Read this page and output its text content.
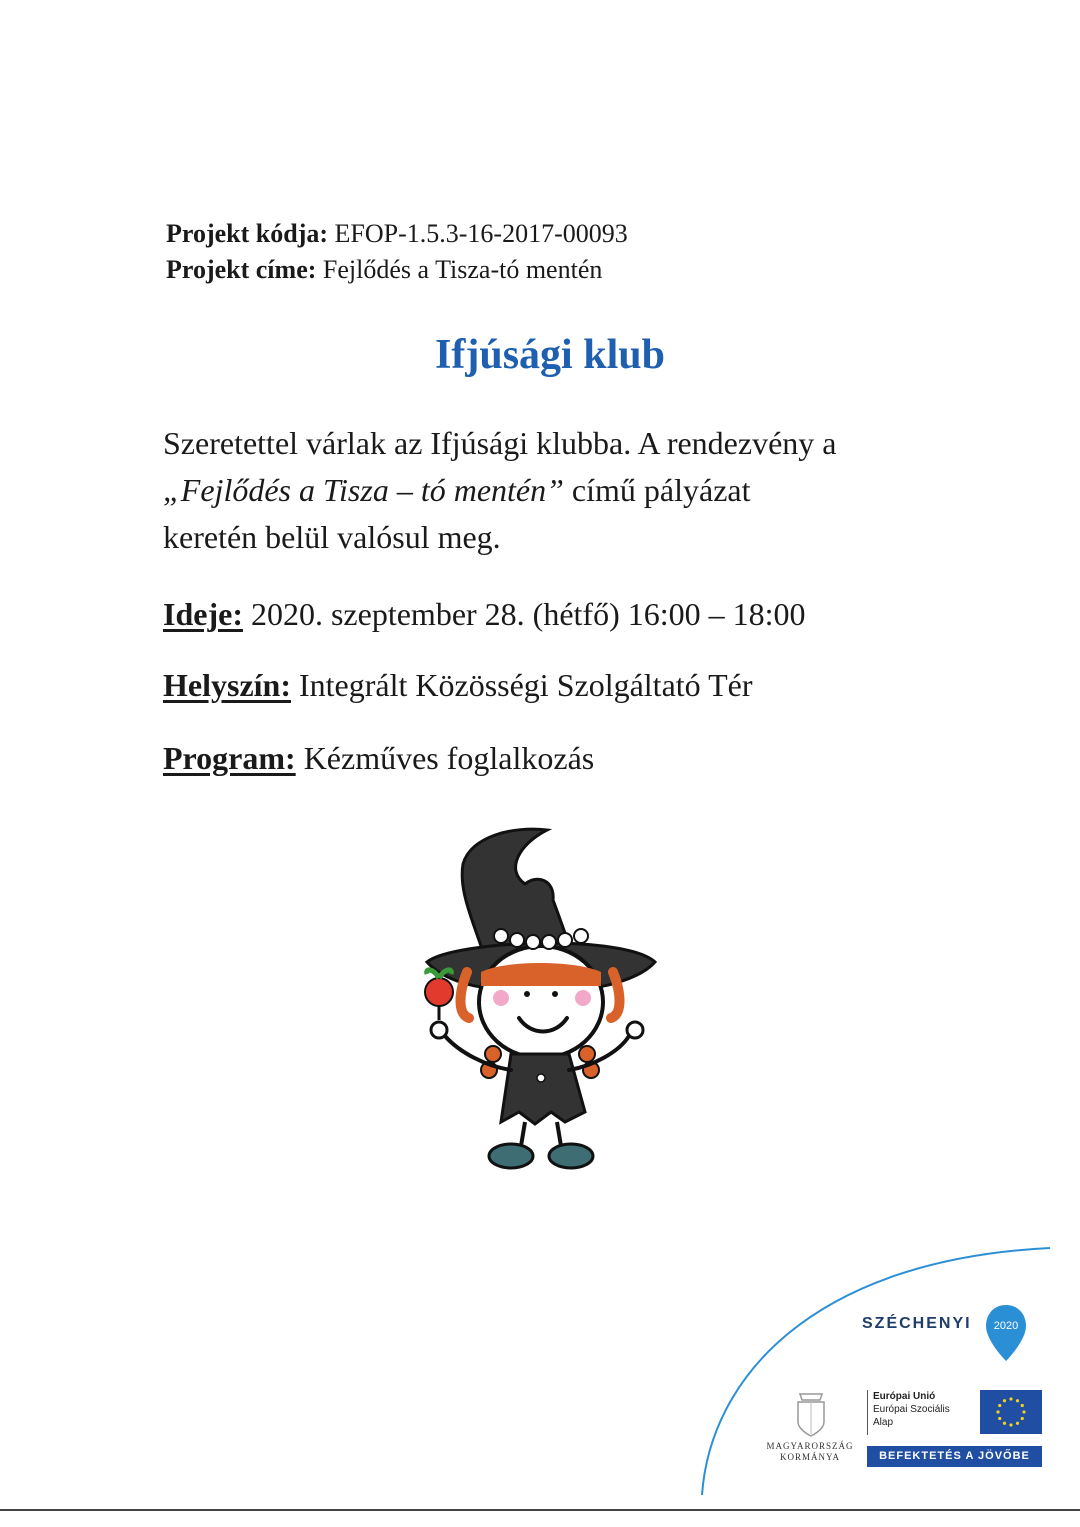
Projekt kódja: EFOP-1.5.3-16-2017-00093
Projekt címe: Fejlődés a Tisza-tó mentén
Ifjúsági klub
Szeretettel várlak az Ifjúsági klubba. A rendezvény a
„Fejlődés a Tisza – tó mentén” című pályázat
keretén belül valósul meg.
Ideje: 2020. szeptember 28. (hétfő) 16:00 – 18:00
Helyszín: Integrált Közösségi Szolgáltató Tér
Program: Kézműves foglalkozás
SZÉCHENYI	2020
MAGYARORSZÁG
KORMÁNYA
Európai Unió
Európai Szociális
Alap
BEFEKTETÉS A JÖVŐBE
